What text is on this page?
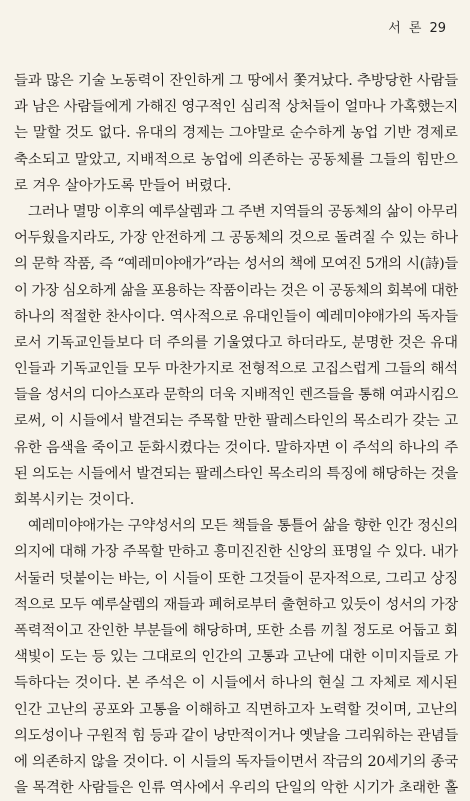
서 론 29
들과 많은 기술 노동력이 잔인하게 그 땅에서 쫓겨났다. 추방당한 사람들
과 남은 사람들에게 가해진 영구적인 심리적 상처들이 얼마나 가혹했는지
는 말할 것도 없다. 유대의 경제는 그야말로 순수하게 농업 기반 경제로
축소되고 말았고, 지배적으로 농업에 의존하는 공동체를 그들의 힘만으
로 겨우 살아가도록 만들어 버렸다.
그러나 멸망 이후의 예루살렘과 그 주변 지역들의 공동체의 삶이 아무리
어두웠을지라도, 가장 안전하게 그 공동체의 것으로 돌려질 수 있는 하나
의 문학 작품, 즉 “예레미야애가”라는 성서의 책에 모여진 5개의 시(詩)들
이 가장 심오하게 삶을 포용하는 작품이라는 것은 이 공동체의 회복에 대한
하나의 적절한 찬사이다. 역사적으로 유대인들이 예레미야애가의 독자들
로서 기독교인들보다 더 주의를 기울였다고 하더라도, 분명한 것은 유대
인들과 기독교인들 모두 마찬가지로 전형적으로 고집스럽게 그들의 해석
들을 성서의 디아스포라 문학의 더욱 지배적인 렌즈들을 통해 여과시킴으
로써, 이 시들에서 발견되는 주목할 만한 팔레스타인의 목소리가 갖는 고
유한 음색을 죽이고 둔화시켰다는 것이다. 말하자면 이 주석의 하나의 주
된 의도는 시들에서 발견되는 팔레스타인 목소리의 특징에 해당하는 것을
회복시키는 것이다.
예레미야애가는 구약성서의 모든 책들을 통틀어 삶을 향한 인간 정신의
의지에 대해 가장 주목할 만하고 흥미진진한 신앙의 표명일 수 있다. 내가
서둘러 덧붙이는 바는, 이 시들이 또한 그것들이 문자적으로, 그리고 상징
적으로 모두 예루살렘의 재들과 폐허로부터 출현하고 있듯이 성서의 가장
폭력적이고 잔인한 부분들에 해당하며, 또한 소름 끼칠 정도로 어둡고 회
색빛이 도는 등 있는 그대로의 인간의 고통과 고난에 대한 이미지들로 가
득하다는 것이다. 본 주석은 이 시들에서 하나의 현실 그 자체로 제시된
인간 고난의 공포와 고통을 이해하고 직면하고자 노력할 것이며, 고난의
의도성이나 구원적 힘 등과 같이 낭만적이거나 옛날을 그리워하는 관념들
에 의존하지 않을 것이다. 이 시들의 독자들이면서 작금의 20세기의 종국
을 목격한 사람들은 인류 역사에서 우리의 단일의 악한 시기가 초래한 홀
